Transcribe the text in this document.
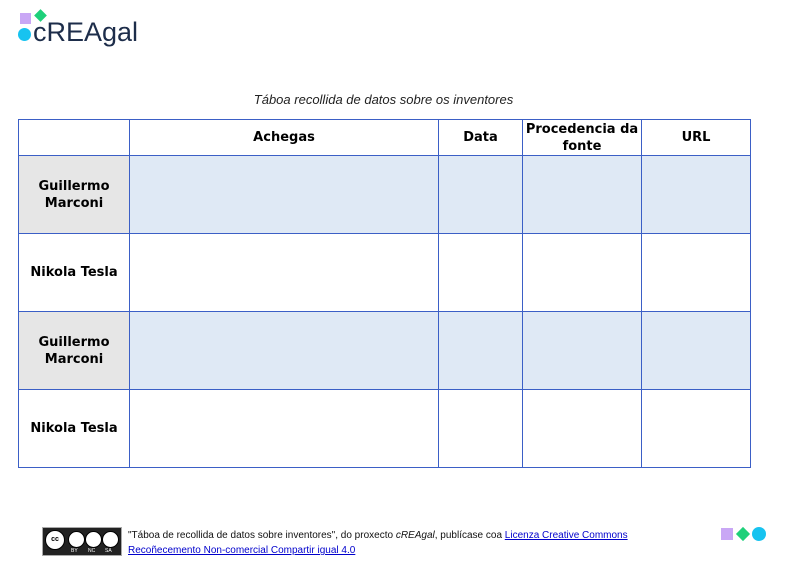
cREAgal
Táboa recollida de datos sobre os inventores
	Achegas	Data	Procedencia da fonte	URL
Guillermo Marconi				
Nikola Tesla				
Guillermo Marconi				
Nikola Tesla				
cc
BY NC SA
"Táboa de recollida de datos sobre inventores", do proxecto cREAgal, publícase coa Licenza Creative Commons
Recoñecemento Non-comercial Compartir igual 4.0
